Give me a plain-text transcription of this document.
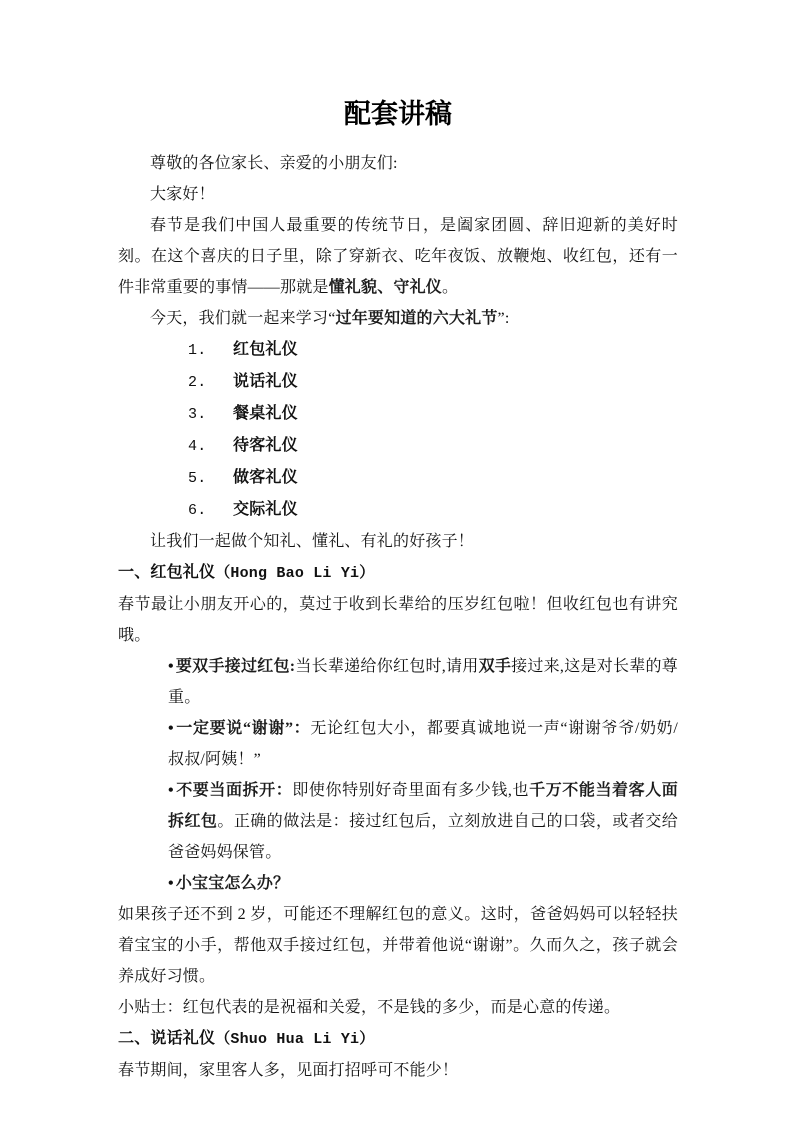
配套讲稿

尊敬的各位家长、亲爱的小朋友们:

大家好！

春节是我们中国人最重要的传统节日，是阖家团圆、辞旧迎新的美好时刻。在这个喜庆的日子里，除了穿新衣、吃年夜饭、放鞭炮、收红包，还有一件非常重要的事情——那就是懂礼貌、守礼仪。

今天，我们就一起来学习“过年要知道的六大礼节”:

1. 红包礼仪

2. 说话礼仪

3. 餐桌礼仪

4. 待客礼仪

5. 做客礼仪

6. 交际礼仪

让我们一起做个知礼、懂礼、有礼的好孩子！

一、红包礼仪（Hong Bao Li Yi）

春节最让小朋友开心的，莫过于收到长辈给的压岁红包啦！但收红包也有讲究哦。

• 要双手接过红包:当长辈递给你红包时,请用双手接过来,这是对长辈的尊重。

• 一定要说“谢谢”：无论红包大小，都要真诚地说一声“谢谢爷爷/奶奶/叔叔/阿姨！”

• 不要当面拆开：即使你特别好奇里面有多少钱,也千万不能当着客人面拆红包。正确的做法是：接过红包后，立刻放进自己的口袋，或者交给爸爸妈妈保管。

• 小宝宝怎么办？

如果孩子还不到 2 岁，可能还不理解红包的意义。这时，爸爸妈妈可以轻轻扶着宝宝的小手，帮他双手接过红包，并带着他说“谢谢”。久而久之，孩子就会养成好习惯。

小贴士：红包代表的是祝福和关爱，不是钱的多少，而是心意的传递。

二、说话礼仪（Shuo Hua Li Yi）

春节期间，家里客人多，见面打招呼可不能少！
